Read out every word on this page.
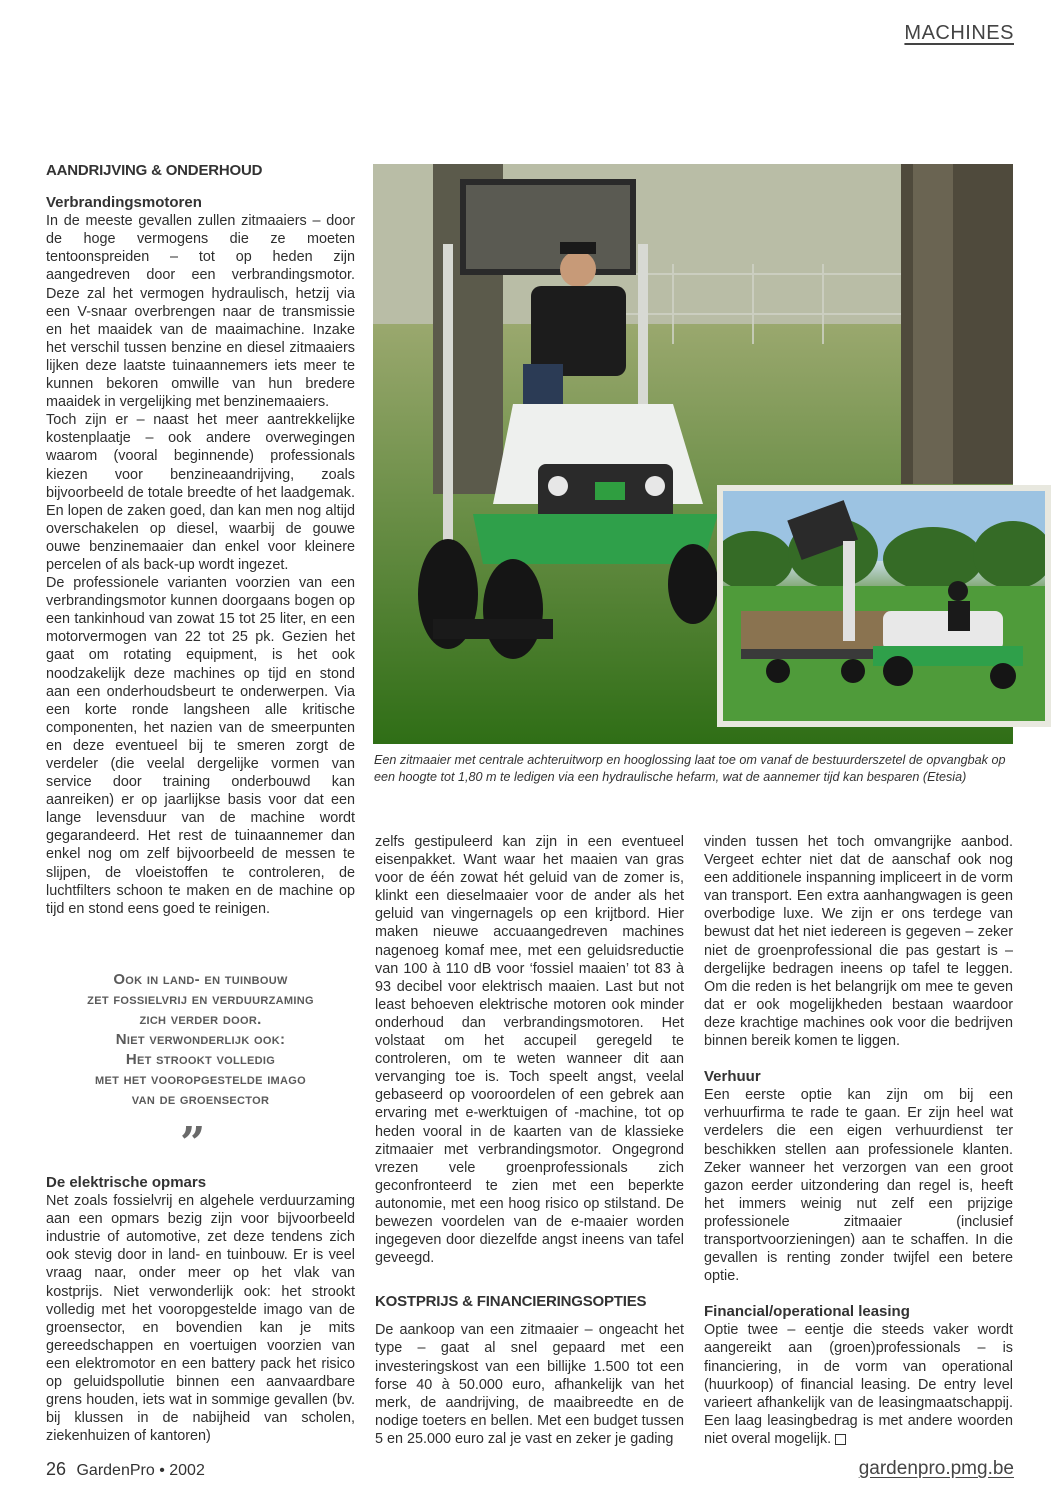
MACHINES
AANDRIJVING & ONDERHOUD
Verbrandingsmotoren

In de meeste gevallen zullen zitmaaiers – door de hoge vermogens die ze moeten tentoonspreiden – tot op heden zijn aangedreven door een verbrandingsmotor. Deze zal het vermogen hydraulisch, hetzij via een V-snaar overbrengen naar de transmissie en het maaidek van de maaimachine. Inzake het verschil tussen benzine en diesel zitmaaiers lijken deze laatste tuinaannemers iets meer te kunnen bekoren omwille van hun bredere maaidek in vergelijking met benzinemaaiers.

Toch zijn er – naast het meer aantrekkelijke kostenplaatje – ook andere overwegingen waarom (vooral beginnende) professionals kiezen voor benzineaandrijving, zoals bijvoorbeeld de totale breedte of het laadgemak. En lopen de zaken goed, dan kan men nog altijd overschakelen op diesel, waarbij de gouwe ouwe benzinemaaier dan enkel voor kleinere percelen of als back-up wordt ingezet.

De professionele varianten voorzien van een verbrandingsmotor kunnen doorgaans bogen op een tankinhoud van zowat 15 tot 25 liter, en een motorvermogen van 22 tot 25 pk. Gezien het gaat om rotating equipment, is het ook noodzakelijk deze machines op tijd en stond aan een onderhoudsbeurt te onderwerpen. Via een korte ronde langsheen alle kritische componenten, het nazien van de smeerpunten en deze eventueel bij te smeren zorgt de verdeler (die veelal dergelijke vormen van service door training onderbouwd kan aanreiken) er op jaarlijkse basis voor dat een lange levensduur van de machine wordt gegarandeerd. Het rest de tuinaannemer dan enkel nog om zelf bijvoorbeeld de messen te slijpen, de vloeistoffen te controleren, de luchtfilters schoon te maken en de machine op tijd en stond eens goed te reinigen.

Ook in land- en tuinbouw
zet fossielvrij en verduurzaming
zich verder door.
Niet verwonderlijk ook:
Het strookt volledig
met het vooropgestelde imago
van de groensector
”
De elektrische opmars

Net zoals fossielvrij en algehele verduurzaming aan een opmars bezig zijn voor bijvoorbeeld industrie of automotive, zet deze tendens zich ook stevig door in land- en tuinbouw. Er is veel vraag naar, onder meer op het vlak van kostprijs. Niet verwonderlijk ook: het strookt volledig met het vooropgestelde imago van de groensector, en bovendien kan je mits gereedschappen en voertuigen voorzien van een elektromotor en een battery pack het risico op geluidspollutie binnen een aanvaardbare grens houden, iets wat in sommige gevallen (bv. bij klussen in de nabijheid van scholen, ziekenhuizen of kantoren)

Een zitmaaier met centrale achteruitworp en hooglossing laat toe om vanaf de bestuurderszetel de opvangbak op een hoogte tot 1,80 m te ledigen via een hydraulische hefarm, wat de aannemer tijd kan besparen (Etesia)

zelfs gestipuleerd kan zijn in een eventueel eisenpakket. Want waar het maaien van gras voor de één zowat hét geluid van de zomer is, klinkt een dieselmaaier voor de ander als het geluid van vingernagels op een krijtbord. Hier maken nieuwe accuaangedreven machines nagenoeg komaf mee, met een geluidsreductie van 100 à 110 dB voor ‘fossiel maaien’ tot 83 à 93 decibel voor elektrisch maaien. Last but not least behoeven elektrische motoren ook minder onderhoud dan verbrandingsmotoren. Het volstaat om het accupeil geregeld te controleren, om te weten wanneer dit aan vervanging toe is. Toch speelt angst, veelal gebaseerd op vooroordelen of een gebrek aan ervaring met e-werktuigen of -machine, tot op heden vooral in de kaarten van de klassieke zitmaaier met verbrandingsmotor. Ongegrond vrezen vele groenprofessionals zich geconfronteerd te zien met een beperkte autonomie, met een hoog risico op stilstand. De bewezen voordelen van de e-maaier worden ingegeven door diezelfde angst ineens van tafel geveegd.

KOSTPRIJS & FINANCIERINGSOPTIES

De aankoop van een zitmaaier – ongeacht het type – gaat al snel gepaard met een investeringskost van een billijke 1.500 tot een forse 40 à 50.000 euro, afhankelijk van het merk, de aandrijving, de maaibreedte en de nodige toeters en bellen. Met een budget tussen 5 en 25.000 euro zal je vast en zeker je gading

vinden tussen het toch omvangrijke aanbod. Vergeet echter niet dat de aanschaf ook nog een additionele inspanning impliceert in de vorm van transport. Een extra aanhangwagen is geen overbodige luxe. We zijn er ons terdege van bewust dat het niet iedereen is gegeven – zeker niet de groenprofessional die pas gestart is – dergelijke bedragen ineens op tafel te leggen. Om die reden is het belangrijk om mee te geven dat er ook mogelijkheden bestaan waardoor deze krachtige machines ook voor die bedrijven binnen bereik komen te liggen.

Verhuur

Een eerste optie kan zijn om bij een verhuurfirma te rade te gaan. Er zijn heel wat verdelers die een eigen verhuurdienst ter beschikken stellen aan professionele klanten. Zeker wanneer het verzorgen van een groot gazon eerder uitzondering dan regel is, heeft het immers weinig nut zelf een prijzige professionele zitmaaier (inclusief transportvoorzieningen) aan te schaffen. In die gevallen is renting zonder twijfel een betere optie.

Financial/operational leasing

Optie twee – eentje die steeds vaker wordt aangereikt aan (groen)professionals – is financiering, in de vorm van operational (huurkoop) of financial leasing. De entry level varieert afhankelijk van de leasingmaatschappij. Een laag leasingbedrag is met andere woorden niet overal mogelijk.

26 GardenPro • 2002	gardenpro.pmg.be
